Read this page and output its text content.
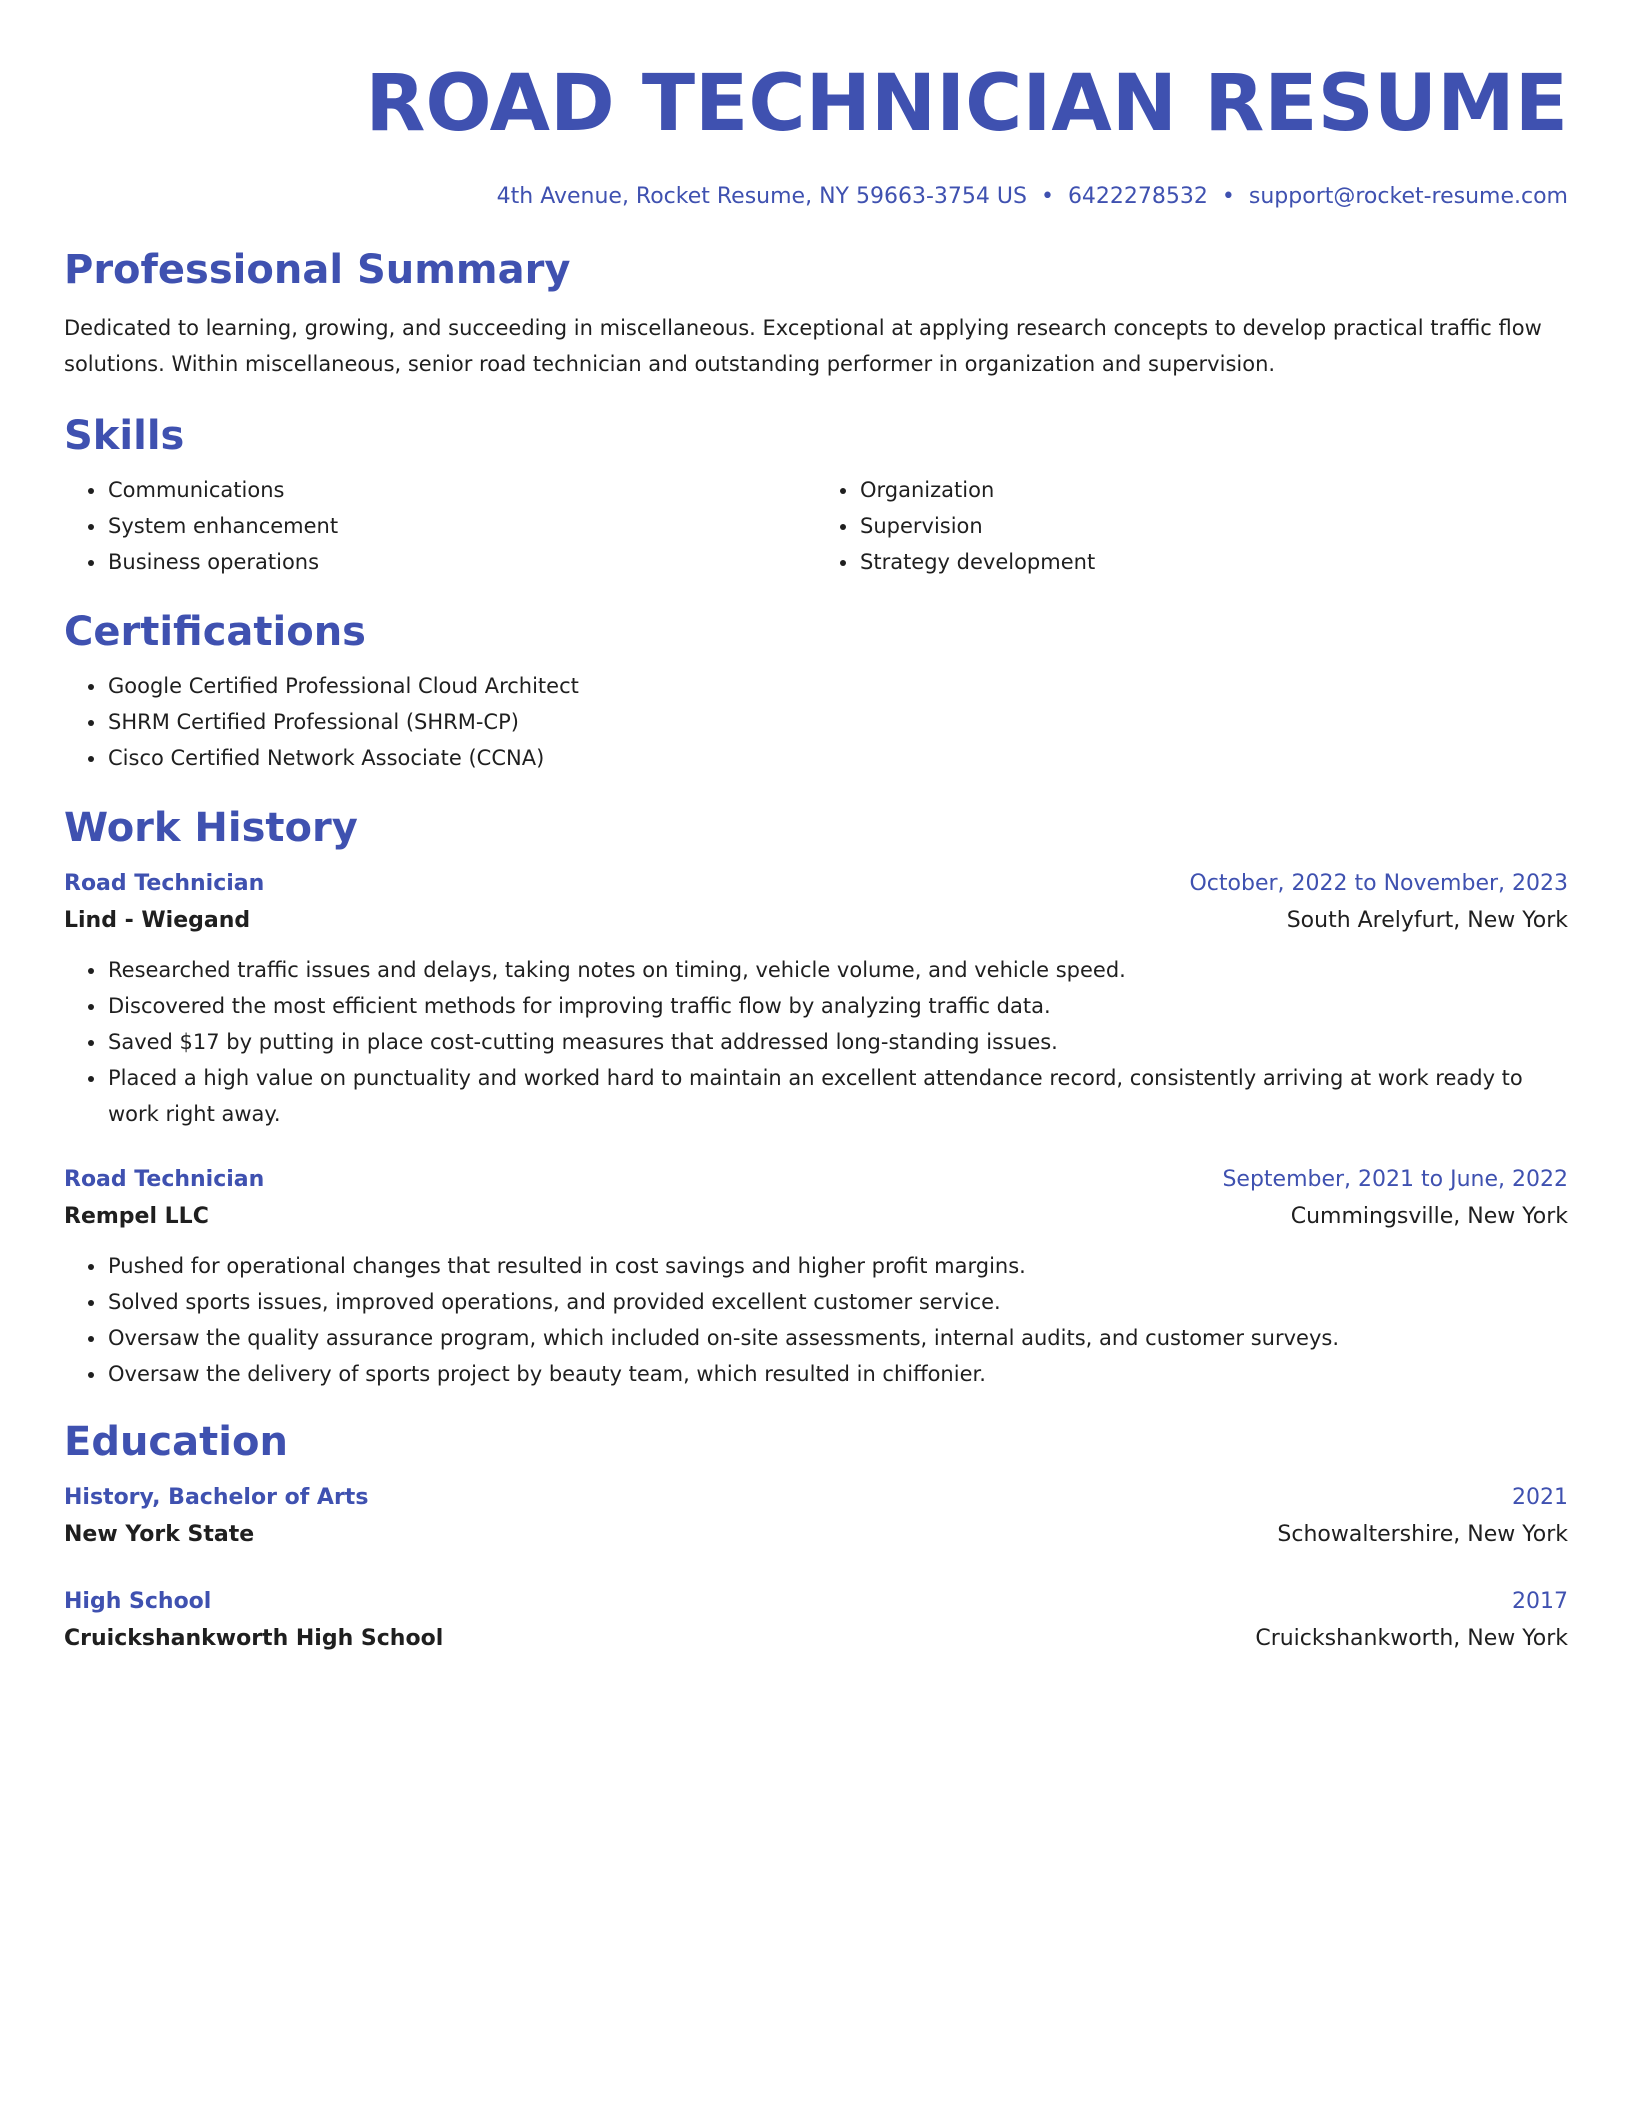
ROAD TECHNICIAN RESUME
4th Avenue, Rocket Resume, NY 59663-3754 US • 6422278532 • support@rocket-resume.com
Professional Summary
Dedicated to learning, growing, and succeeding in miscellaneous. Exceptional at applying research concepts to develop practical traffic flow solutions. Within miscellaneous, senior road technician and outstanding performer in organization and supervision.
Skills
• Communications
• System enhancement
• Business operations
• Organization
• Supervision
• Strategy development
Certifications
• Google Certified Professional Cloud Architect
• SHRM Certified Professional (SHRM-CP)
• Cisco Certified Network Associate (CCNA)
Work History
Road Technician	October, 2022 to November, 2023
Lind - Wiegand	South Arelyfurt, New York
• Researched traffic issues and delays, taking notes on timing, vehicle volume, and vehicle speed.
• Discovered the most efficient methods for improving traffic flow by analyzing traffic data.
• Saved $17 by putting in place cost-cutting measures that addressed long-standing issues.
• Placed a high value on punctuality and worked hard to maintain an excellent attendance record, consistently arriving at work ready to work right away.
Road Technician	September, 2021 to June, 2022
Rempel LLC	Cummingsville, New York
• Pushed for operational changes that resulted in cost savings and higher profit margins.
• Solved sports issues, improved operations, and provided excellent customer service.
• Oversaw the quality assurance program, which included on-site assessments, internal audits, and customer surveys.
• Oversaw the delivery of sports project by beauty team, which resulted in chiffonier.
Education
History, Bachelor of Arts	2021
New York State	Schowaltershire, New York
High School	2017
Cruickshankworth High School	Cruickshankworth, New York
